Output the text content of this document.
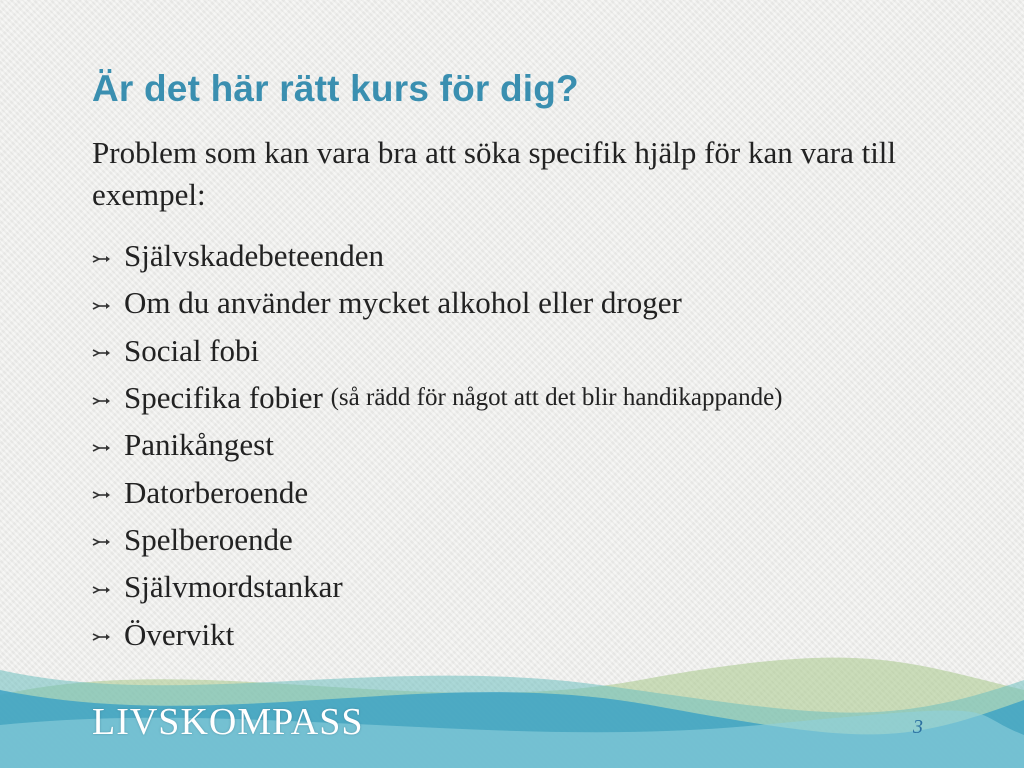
Är det här rätt kurs för dig?

Problem som kan vara bra att söka specifik hjälp för kan vara till exempel:

Självskadebeteenden
Om du använder mycket alkohol eller droger
Social fobi
Specifika fobier
(så rädd för något att det blir handikappande)
Panikångest
Datorberoende
Spelberoende
Självmordstankar
Övervikt
LIVSKOMPASS	3
